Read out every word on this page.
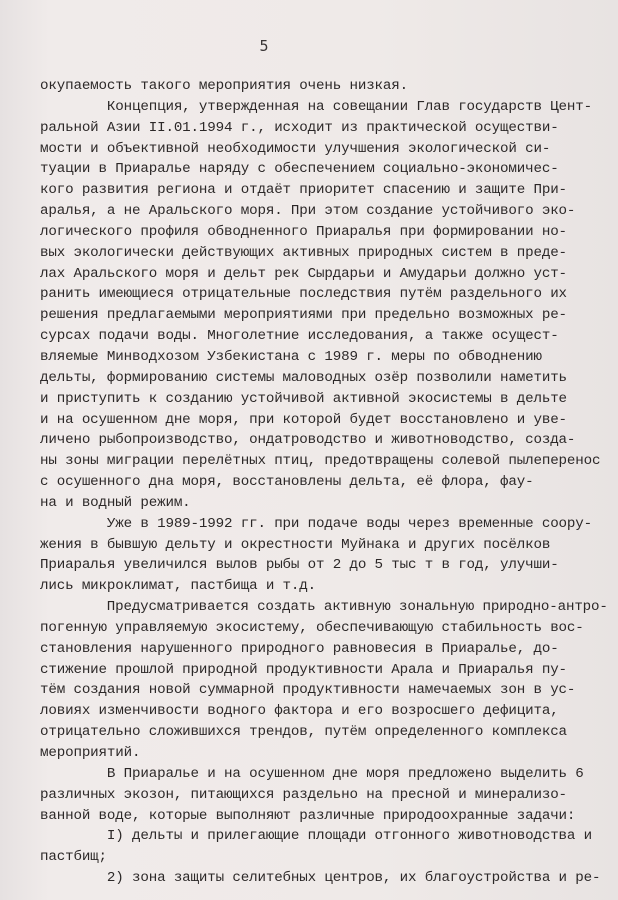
5
окупаемость такого мероприятия очень низкая.
Концепция, утвержденная на совещании Глав государств Цент-
ральной Азии II.01.1994 г., исходит из практической осуществи-
мости и объективной необходимости улучшения экологической си-
туации в Приаралье наряду с обеспечением социально-экономичес-
кого развития региона и отдаёт приоритет спасению и защите При-
аралья, а не Аральского моря. При этом создание устойчивого эко-
логического профиля обводненного Приаралья при формировании но-
вых экологически действующих активных природных систем в преде-
лах Аральского моря и дельт рек Сырдарьи и Амударьи должно уст-
ранить имеющиеся отрицательные последствия путём раздельного их
решения предлагаемыми мероприятиями при предельно возможных ре-
сурсах подачи воды. Многолетние исследования, а также осущест-
вляемые Минводхозом Узбекистана с 1989 г. меры по обводнению
дельты, формированию системы маловодных озёр позволили наметить
и приступить к созданию устойчивой активной экосистемы в дельте
и на осушенном дне моря, при которой будет восстановлено и уве-
личено рыбопроизводство, ондатроводство и животноводство, созда-
ны зоны миграции перелётных птиц, предотвращены солевой пылеперенос
с осушенного дна моря, восстановлены дельта, её флора, фау-
на и водный режим.
Уже в 1989-1992 гг. при подаче воды через временные соору-
жения в бывшую дельту и окрестности Муйнака и других посёлков
Приаралья увеличился вылов рыбы от 2 до 5 тыс т в год, улучши-
лись микроклимат, пастбища и т.д.
Предусматривается создать активную зональную природно-антро-
погенную управляемую экосистему, обеспечивающую стабильность вос-
становления нарушенного природного равновесия в Приаралье, до-
стижение прошлой природной продуктивности Арала и Приаралья пу-
тём создания новой суммарной продуктивности намечаемых зон в ус-
ловиях изменчивости водного фактора и его возросшего дефицита,
отрицательно сложившихся трендов, путём определенного комплекса
мероприятий.
В Приаралье и на осушенном дне моря предложено выделить 6
различных экозон, питающихся раздельно на пресной и минерализо-
ванной воде, которые выполняют различные природоохранные задачи:
I) дельты и прилегающие площади отгонного животноводства и
пастбищ;
2) зона защиты селитебных центров, их благоустройства и ре-
